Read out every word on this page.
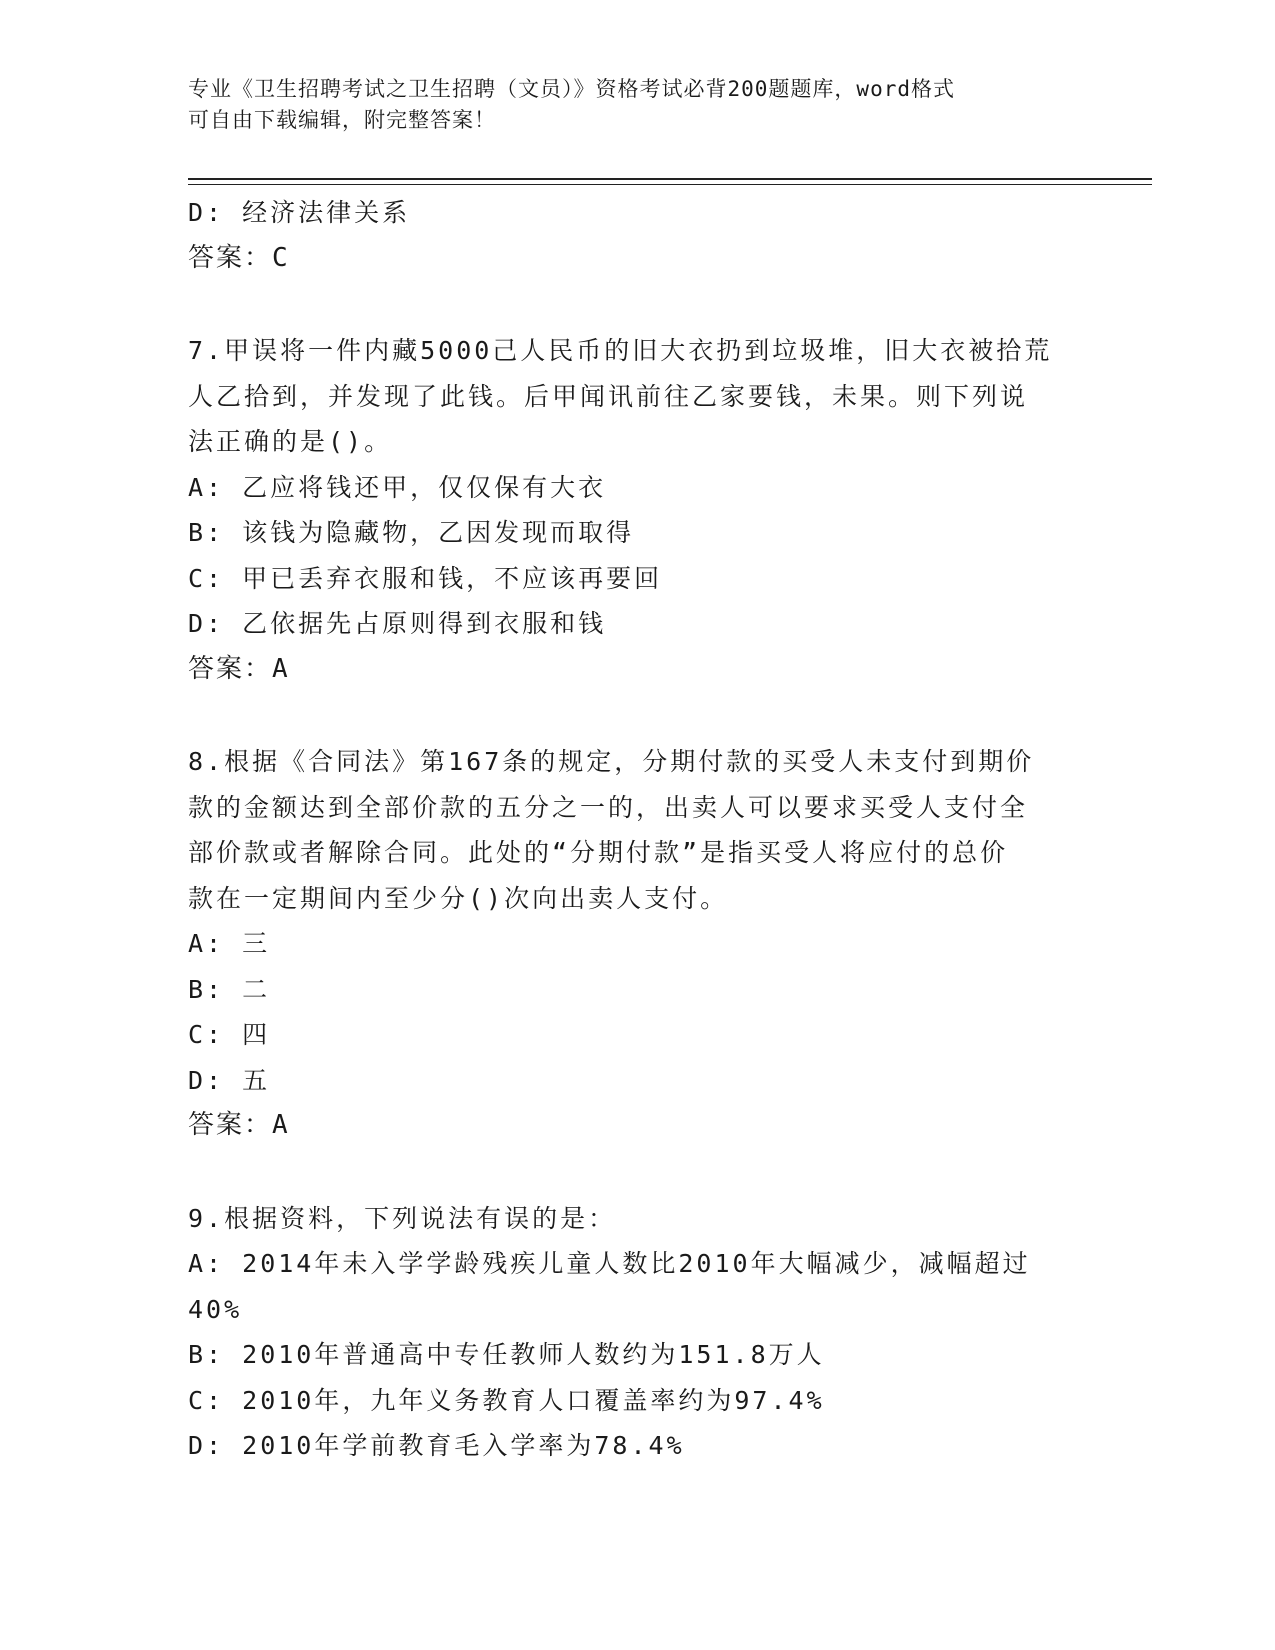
专业《卫生招聘考试之卫生招聘（文员）》资格考试必背200题题库，word格式
可自由下载编辑，附完整答案！
D: 经济法律关系
答案：C
7.甲误将一件内藏5000己人民币的旧大衣扔到垃圾堆，旧大衣被拾荒
人乙拾到，并发现了此钱。后甲闻讯前往乙家要钱，未果。则下列说
法正确的是()。
A: 乙应将钱还甲，仅仅保有大衣
B: 该钱为隐藏物，乙因发现而取得
C: 甲已丢弃衣服和钱，不应该再要回
D: 乙依据先占原则得到衣服和钱
答案：A
8.根据《合同法》第167条的规定，分期付款的买受人未支付到期价
款的金额达到全部价款的五分之一的，出卖人可以要求买受人支付全
部价款或者解除合同。此处的“分期付款”是指买受人将应付的总价
款在一定期间内至少分()次向出卖人支付。
A: 三
B: 二
C: 四
D: 五
答案：A
9.根据资料，下列说法有误的是：
A: 2014年未入学学龄残疾儿童人数比2010年大幅减少，减幅超过
40%
B: 2010年普通高中专任教师人数约为151.8万人
C: 2010年，九年义务教育人口覆盖率约为97.4%
D: 2010年学前教育毛入学率为78.4%
